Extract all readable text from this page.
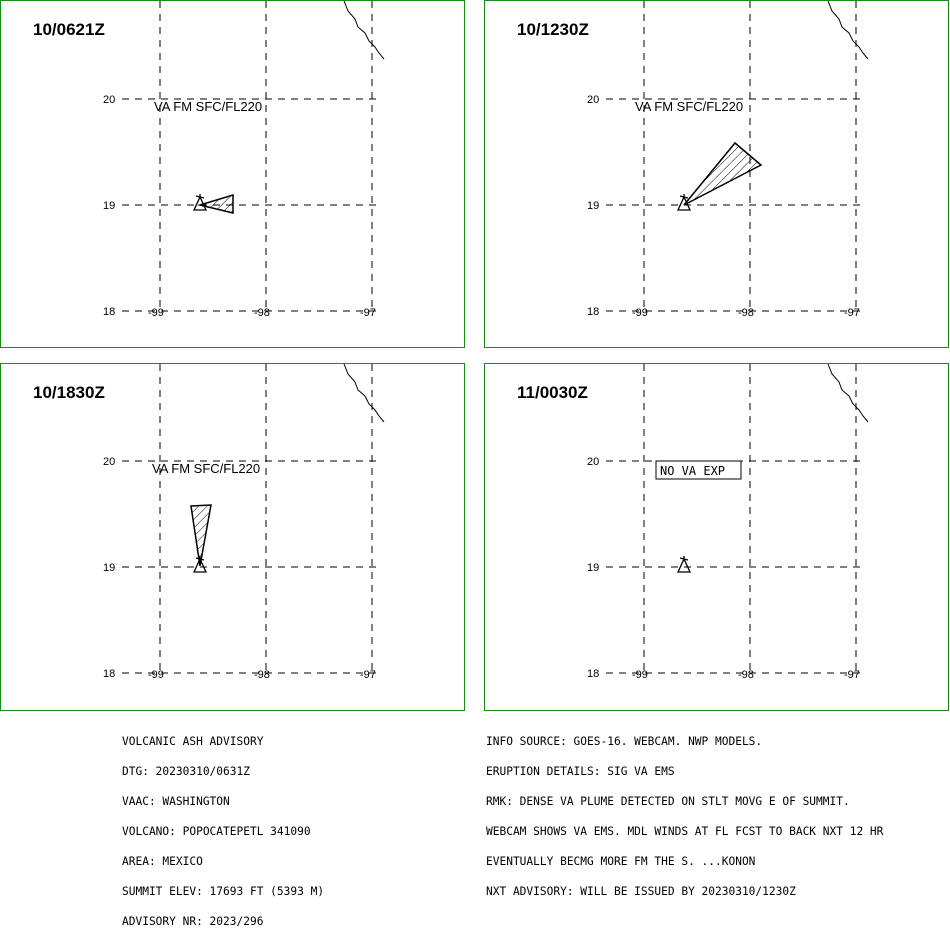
10/0621Z
20
19
18	-99	-98	-97
VA FM SFC/FL220
10/1230Z
20
19
18	-99	-98	-97
VA FM SFC/FL220
10/1830Z
20
19
18	-99	-98	-97
VA FM SFC/FL220
11/0030Z
20
19
18	-99	-98	-97
NO VA EXP

VOLCANIC ASH ADVISORY

DTG: 20230310/0631Z

VAAC: WASHINGTON

VOLCANO: POPOCATEPETL 341090

AREA: MEXICO

SUMMIT ELEV: 17693 FT (5393 M)

ADVISORY NR: 2023/296

INFO SOURCE: GOES-16. WEBCAM. NWP MODELS.

ERUPTION DETAILS: SIG VA EMS

RMK: DENSE VA PLUME DETECTED ON STLT MOVG E OF SUMMIT.

WEBCAM SHOWS VA EMS. MDL WINDS AT FL FCST TO BACK NXT 12 HR

EVENTUALLY BECMG MORE FM THE S. ...KONON

NXT ADVISORY: WILL BE ISSUED BY 20230310/1230Z
